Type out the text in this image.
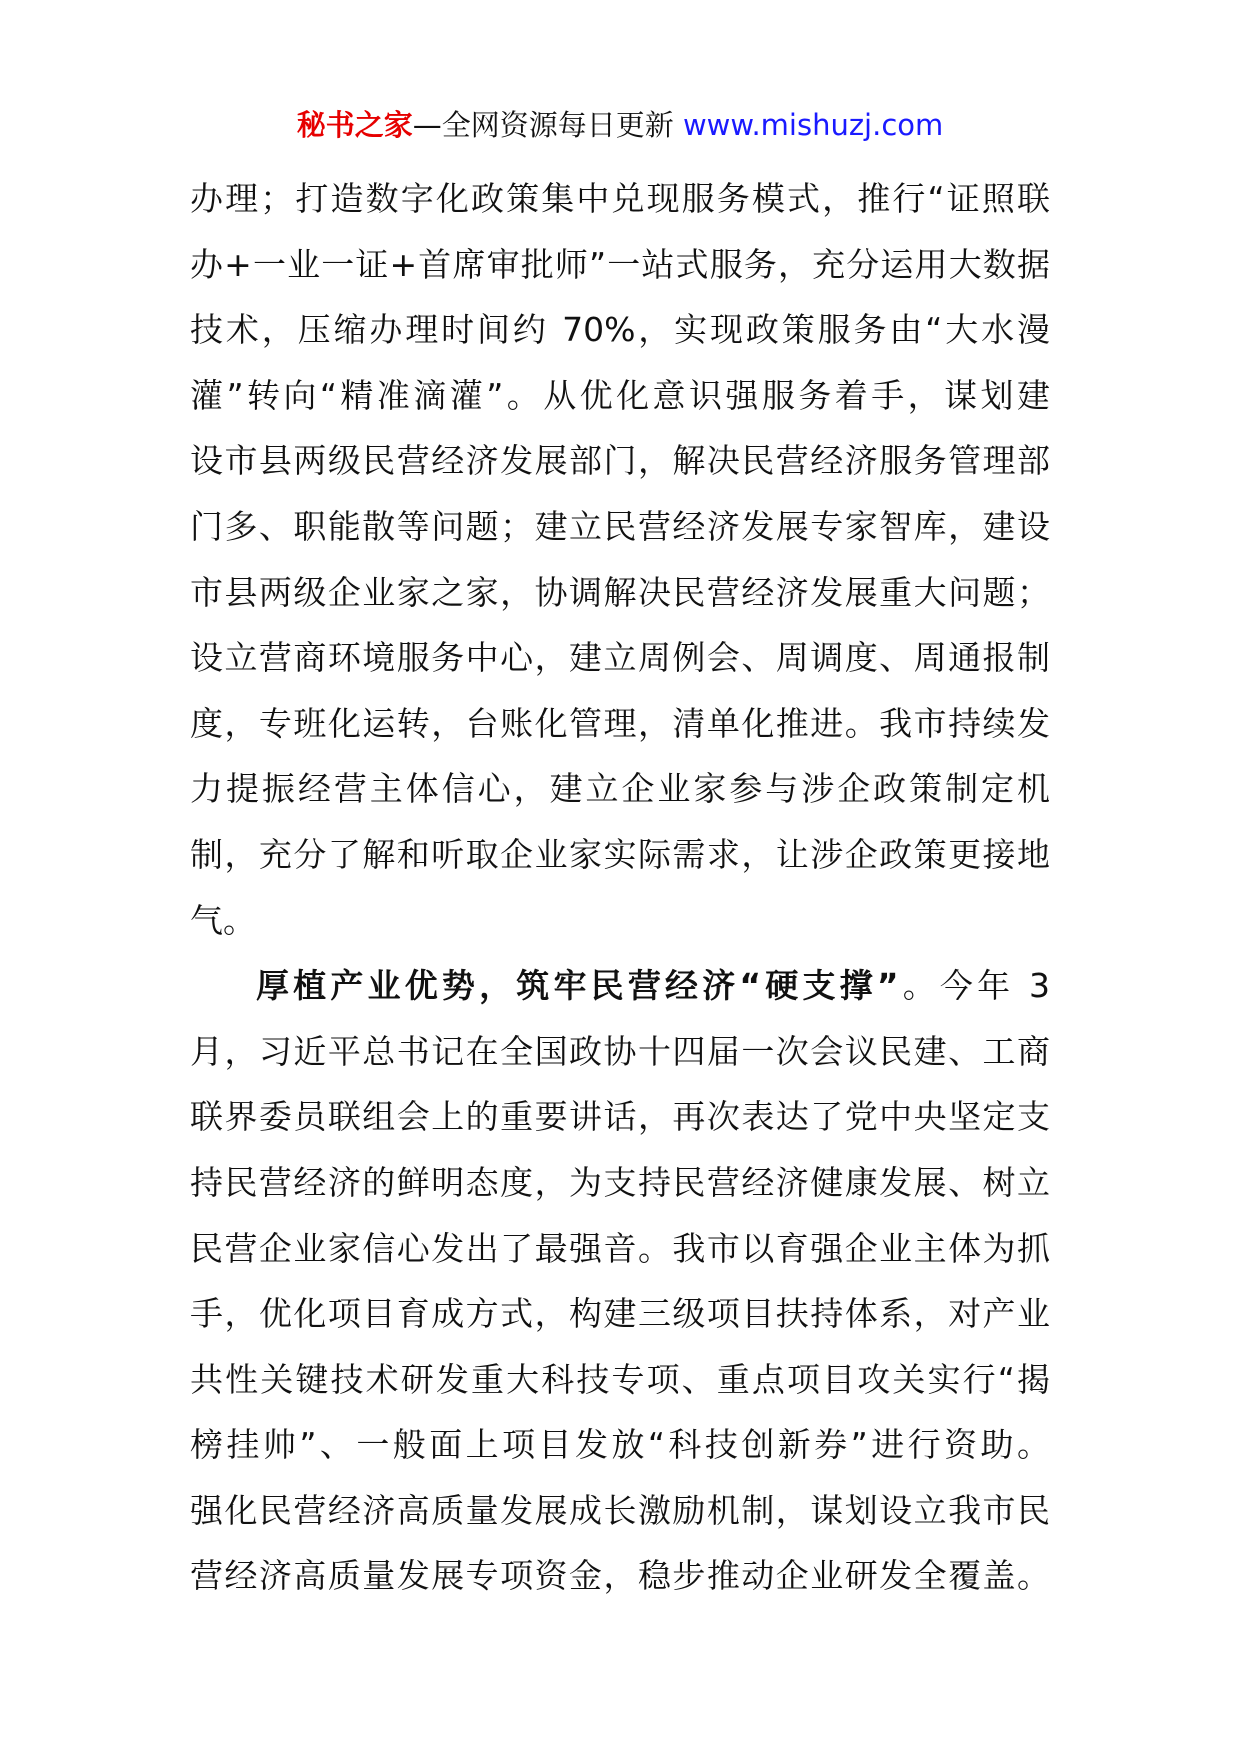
秘书之家—全网资源每日更新 www.mishuzj.com
办理；打造数字化政策集中兑现服务模式，推行“证照联
办+一业一证+首席审批师”一站式服务，充分运用大数据
技术，压缩办理时间约 70%，实现政策服务由“大水漫
灌”转向“精准滴灌”。从优化意识强服务着手，谋划建
设市县两级民营经济发展部门，解决民营经济服务管理部
门多、职能散等问题；建立民营经济发展专家智库，建设
市县两级企业家之家，协调解决民营经济发展重大问题；
设立营商环境服务中心，建立周例会、周调度、周通报制
度，专班化运转，台账化管理，清单化推进。我市持续发
力提振经营主体信心，建立企业家参与涉企政策制定机
制，充分了解和听取企业家实际需求，让涉企政策更接地
气。
厚植产业优势，筑牢民营经济“硬支撑”。今年 3
月，习近平总书记在全国政协十四届一次会议民建、工商
联界委员联组会上的重要讲话，再次表达了党中央坚定支
持民营经济的鲜明态度，为支持民营经济健康发展、树立
民营企业家信心发出了最强音。我市以育强企业主体为抓
手，优化项目育成方式，构建三级项目扶持体系，对产业
共性关键技术研发重大科技专项、重点项目攻关实行“揭
榜挂帅”、一般面上项目发放“科技创新券”进行资助。
强化民营经济高质量发展成长激励机制，谋划设立我市民
营经济高质量发展专项资金，稳步推动企业研发全覆盖。
